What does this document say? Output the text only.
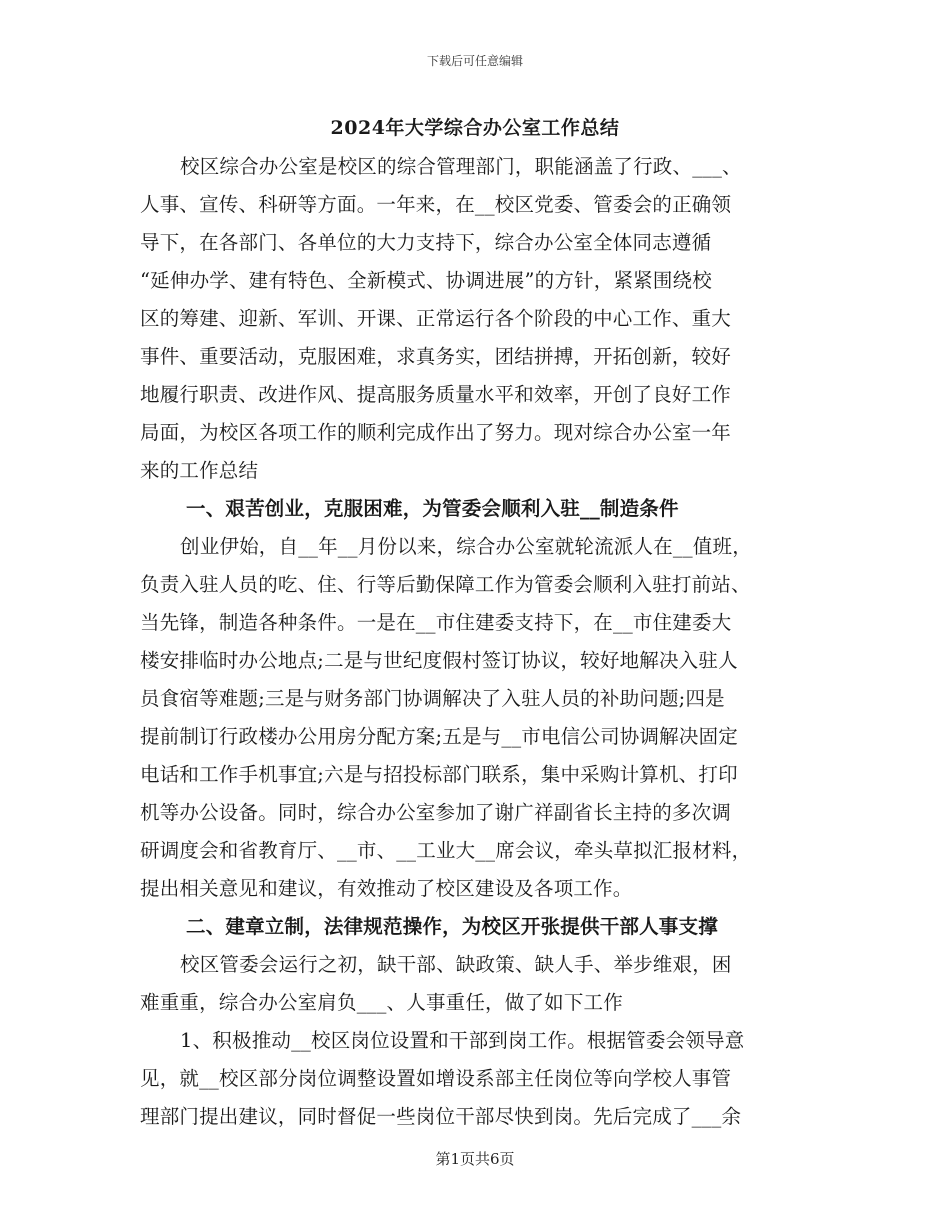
下载后可任意编辑
2024年大学综合办公室工作总结
校区综合办公室是校区的综合管理部门，职能涵盖了行政、___、
人事、宣传、科研等方面。一年来，在__校区党委、管委会的正确领
导下，在各部门、各单位的大力支持下，综合办公室全体同志遵循
“延伸办学、建有特色、全新模式、协调进展”的方针，紧紧围绕校
区的筹建、迎新、军训、开课、正常运行各个阶段的中心工作、重大
事件、重要活动，克服困难，求真务实，团结拼搏，开拓创新，较好
地履行职责、改进作风、提高服务质量水平和效率，开创了良好工作
局面，为校区各项工作的顺利完成作出了努力。现对综合办公室一年
来的工作总结
一、艰苦创业，克服困难，为管委会顺利入驻__制造条件
创业伊始，自__年__月份以来，综合办公室就轮流派人在__值班，
负责入驻人员的吃、住、行等后勤保障工作为管委会顺利入驻打前站、
当先锋，制造各种条件。一是在__市住建委支持下，在__市住建委大
楼安排临时办公地点;二是与世纪度假村签订协议，较好地解决入驻人
员食宿等难题;三是与财务部门协调解决了入驻人员的补助问题;四是
提前制订行政楼办公用房分配方案;五是与__市电信公司协调解决固定
电话和工作手机事宜;六是与招投标部门联系，集中采购计算机、打印
机等办公设备。同时，综合办公室参加了谢广祥副省长主持的多次调
研调度会和省教育厅、__市、__工业大__席会议，牵头草拟汇报材料，
提出相关意见和建议，有效推动了校区建设及各项工作。
二、建章立制，法律规范操作，为校区开张提供干部人事支撑
校区管委会运行之初，缺干部、缺政策、缺人手、举步维艰，困
难重重，综合办公室肩负___、人事重任，做了如下工作
1、积极推动__校区岗位设置和干部到岗工作。根据管委会领导意
见，就__校区部分岗位调整设置如增设系部主任岗位等向学校人事管
理部门提出建议，同时督促一些岗位干部尽快到岗。先后完成了___余
第1页共6页
